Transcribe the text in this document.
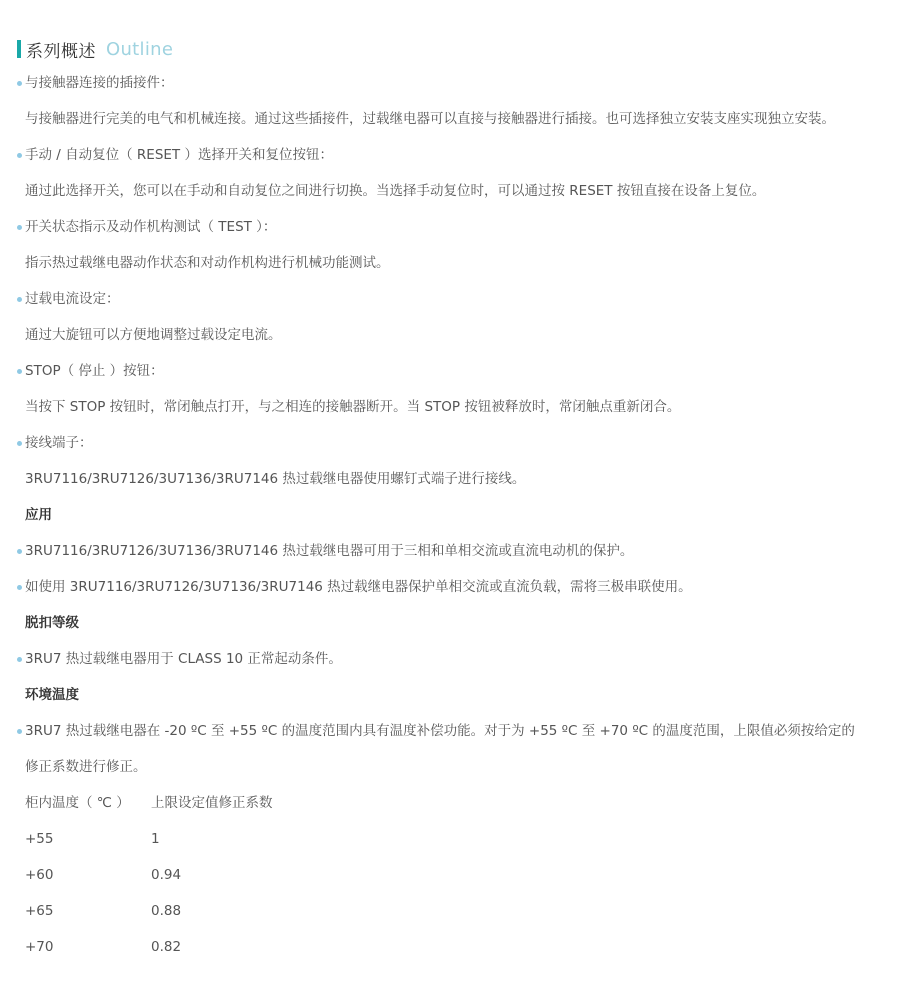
系列概述 Outline
与接触器连接的插接件：
与接触器进行完美的电气和机械连接。通过这些插接件，过载继电器可以直接与接触器进行插接。也可选择独立安装支座实现独立安装。
手动 / 自动复位（ RESET ）选择开关和复位按钮：
通过此选择开关，您可以在手动和自动复位之间进行切换。当选择手动复位时，可以通过按 RESET 按钮直接在设备上复位。
开关状态指示及动作机构测试（ TEST ）：
指示热过载继电器动作状态和对动作机构进行机械功能测试。
过载电流设定：
通过大旋钮可以方便地调整过载设定电流。
STOP（ 停止 ）按钮：
当按下 STOP 按钮时，常闭触点打开，与之相连的接触器断开。当 STOP 按钮被释放时，常闭触点重新闭合。
接线端子：
3RU7116/3RU7126/3U7136/3RU7146 热过载继电器使用螺钉式端子进行接线。
应用
3RU7116/3RU7126/3U7136/3RU7146 热过载继电器可用于三相和单相交流或直流电动机的保护。
如使用 3RU7116/3RU7126/3U7136/3RU7146 热过载继电器保护单相交流或直流负载，需将三极串联使用。
脱扣等级
3RU7 热过载继电器用于 CLASS 10 正常起动条件。
环境温度
3RU7 热过载继电器在 -20 ºC 至 +55 ºC 的温度范围内具有温度补偿功能。对于为 +55 ºC 至 +70 ºC 的温度范围，上限值必须按给定的
修正系数进行修正。
柜内温度（ ℃ ）	上限设定值修正系数
+55	1
+60	0.94
+65	0.88
+70	0.82
